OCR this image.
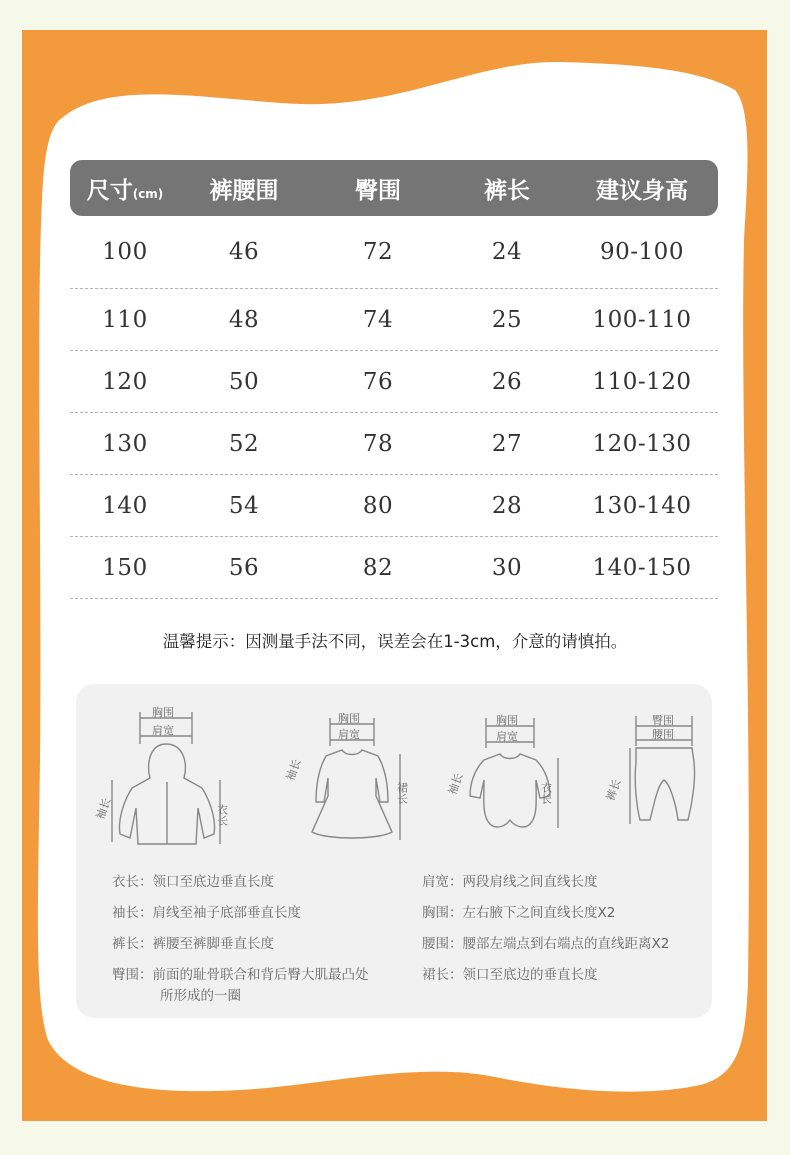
尺寸(cm)	裤腰围	臀围	裤长	建议身高
100	46	72	24	90-100
110	48	74	25	100-110
120	50	76	26	110-120
130	52	78	27	120-130
140	54	80	28	130-140
150	56	82	30	140-150
温馨提示：因测量手法不同，误差会在1-3cm，介意的请慎拍。
胸围
肩宽
袖长	衣长
胸围
肩宽
袖长
裙长
胸围
肩宽
袖长	衣长
臀围
腰围
裤长
衣长：领口至底边垂直长度
袖长：肩线至袖子底部垂直长度
裤长：裤腰至裤脚垂直长度
臀围：前面的耻骨联合和背后臀大肌最凸处
所形成的一圈
肩宽：两段肩线之间直线长度
胸围：左右腋下之间直线长度X2
腰围：腰部左端点到右端点的直线距离X2
裙长：领口至底边的垂直长度
